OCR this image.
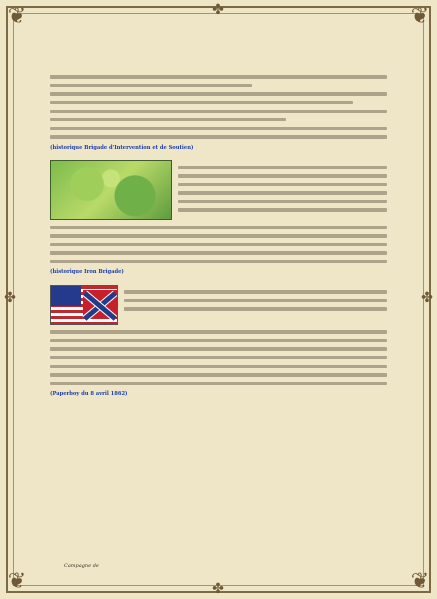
❦	❦
❦	❦
✤	✤
✤
✤

(historique Brigade d'Intervention et de Soutien)

(historique Iron Brigade)

(Paperboy du 8 avril 1862)

Campagne de
